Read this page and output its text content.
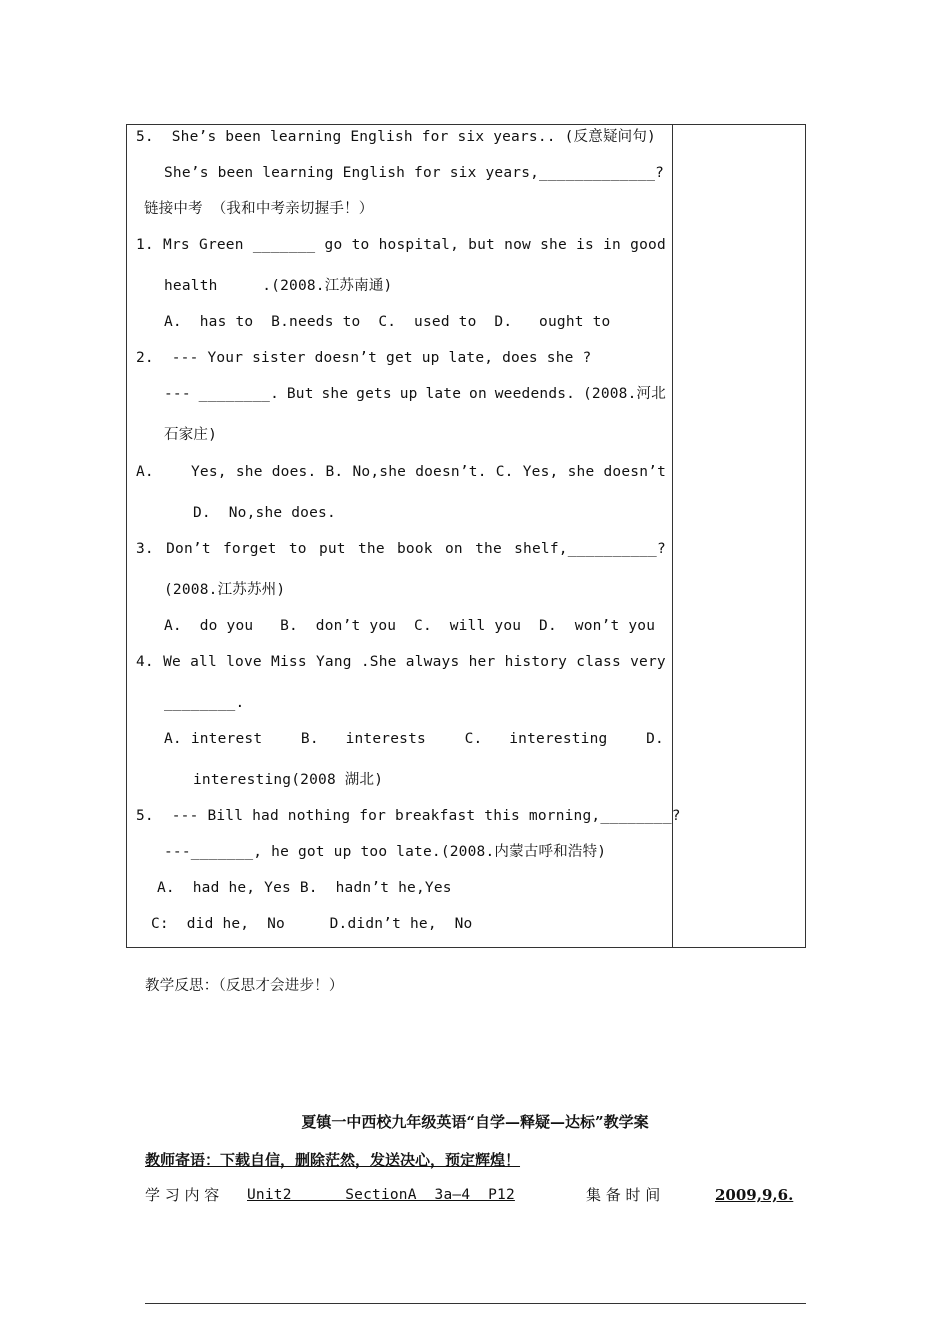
5.  She’s been learning English for six years.. (反意疑问句)
She’s been learning English for six years,_____________?
链接中考 （我和中考亲切握手！）
1. Mrs Green _______ go to hospital, but now she is in good
health     .(2008.江苏南通)
A.  has to  B.needs to  C.  used to  D.   ought to
2.  --- Your sister doesn’t get up late, does she ?
--- ________. But she gets up late on weedends. (2008.河北
石家庄)
A.	Yes, she does. B. No,she doesn’t. C. Yes, she doesn’t
D.  No,she does.
3. Don’t forget to put the book on the shelf,__________?
(2008.江苏苏州)
A.  do you   B.  don’t you  C.  will you  D.  won’t you
4. We all love Miss Yang .She always her history class very
________.
A. interest	B. interests	C. interesting	D.
interesting(2008 湖北)
5.  --- Bill had nothing for breakfast this morning,________?
---_______, he got up too late.(2008.内蒙古呼和浩特)
A.  had he, Yes B.  hadn’t he,Yes
C:  did he,  No     D.didn’t he,  No
教学反思：（反思才会进步！）
夏镇一中西校九年级英语“自学—释疑—达标”教学案
教师寄语：下载自信，删除茫然，发送决心，预定辉煌！
学 习 内 容 Unit2      SectionA  3a—4  P12	集 备 时 间	2009,9,6.
